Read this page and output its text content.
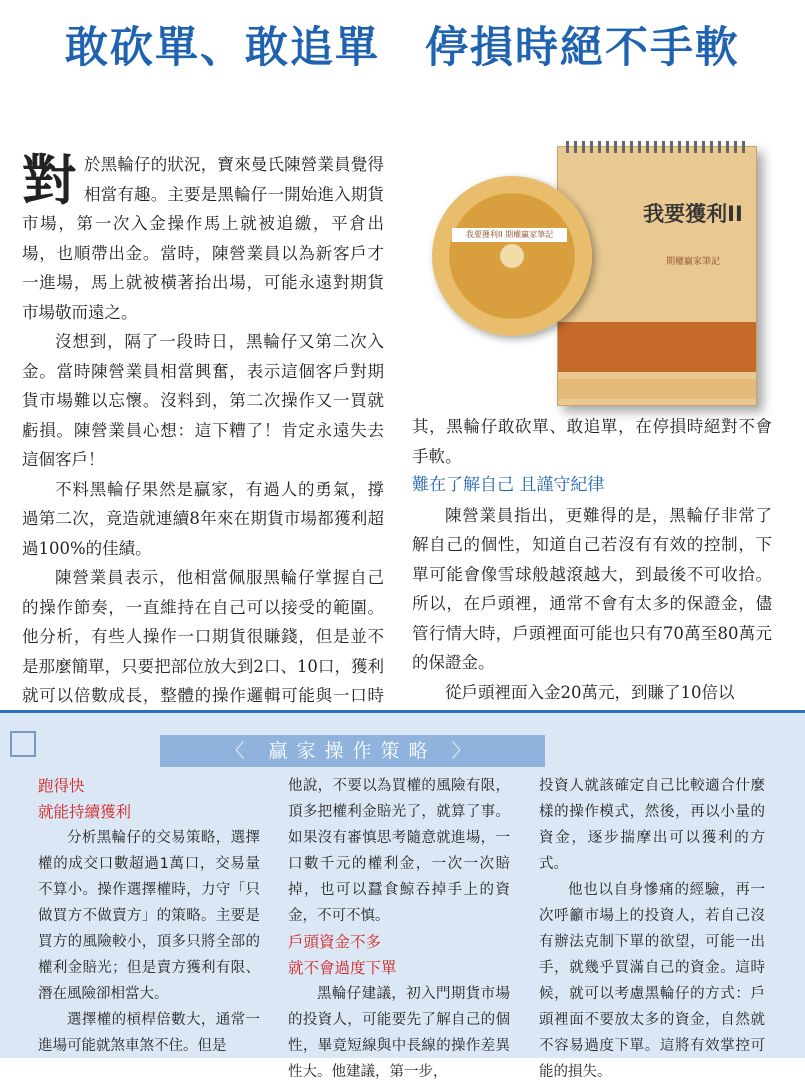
敢砍單、敢追單　停損時絕不手軟

對於黑輪仔的狀況，寶來曼氏陳營業員覺得相當有趣。主要是黑輪仔一開始進入期貨市場，第一次入金操作馬上就被追繳，平倉出場，也順帶出金。當時，陳營業員以為新客戶才一進場，馬上就被橫著抬出場，可能永遠對期貨市場敬而遠之。

沒想到，隔了一段時日，黑輪仔又第二次入金。當時陳營業員相當興奮，表示這個客戶對期貨市場難以忘懷。沒料到，第二次操作又一買就虧損。陳營業員心想：這下糟了！肯定永遠失去這個客戶！

不料黑輪仔果然是贏家，有過人的勇氣，撐過第二次，竟造就連續8年來在期貨市場都獲利超過100%的佳績。

陳營業員表示，他相當佩服黑輪仔掌握自己的操作節奏，一直維持在自己可以接受的範圍。他分析，有些人操作一口期貨很賺錢，但是並不是那麼簡單，只要把部位放大到2口、10口，獲利就可以倍數成長，整體的操作邏輯可能與一口時

我要獲利II
期權贏家筆記
我要獲利II 期權贏家筆記

其，黑輪仔敢砍單、敢追單，在停損時絕對不會手軟。

難在了解自己 且謹守紀律

陳營業員指出，更難得的是，黑輪仔非常了解自己的個性，知道自己若沒有有效的控制，下單可能會像雪球般越滾越大，到最後不可收拾。所以，在戶頭裡，通常不會有太多的保證金，儘管行情大時，戶頭裡面可能也只有70萬至80萬元的保證金。

從戶頭裡面入金20萬元，到賺了10倍以

〈 贏家操作策略 〉

跑得快

就能持續獲利

分析黑輪仔的交易策略，選擇權的成交口數超過1萬口，交易量不算小。操作選擇權時，力守「只做買方不做賣方」的策略。主要是買方的風險較小，頂多只將全部的權利金賠光；但是賣方獲利有限、潛在風險卻相當大。

選擇權的槓桿倍數大，通常一進場可能就煞車煞不住。但是

他說，不要以為買權的風險有限，頂多把權利金賠光了，就算了事。如果沒有審慎思考隨意就進場，一口數千元的權利金，一次一次賠掉，也可以蠶食鯨吞掉手上的資金，不可不慎。

戶頭資金不多

就不會過度下單

黑輪仔建議，初入門期貨市場的投資人，可能要先了解自己的個性，畢竟短線與中長線的操作差異性大。他建議，第一步，

投資人就該確定自己比較適合什麼樣的操作模式，然後，再以小量的資金，逐步揣摩出可以獲利的方式。

他也以自身慘痛的經驗，再一次呼籲市場上的投資人，若自己沒有辦法克制下單的欲望，可能一出手，就幾乎買滿自己的資金。這時候，就可以考慮黑輪仔的方式：戶頭裡面不要放太多的資金，自然就不容易過度下單。這將有效掌控可能的損失。
